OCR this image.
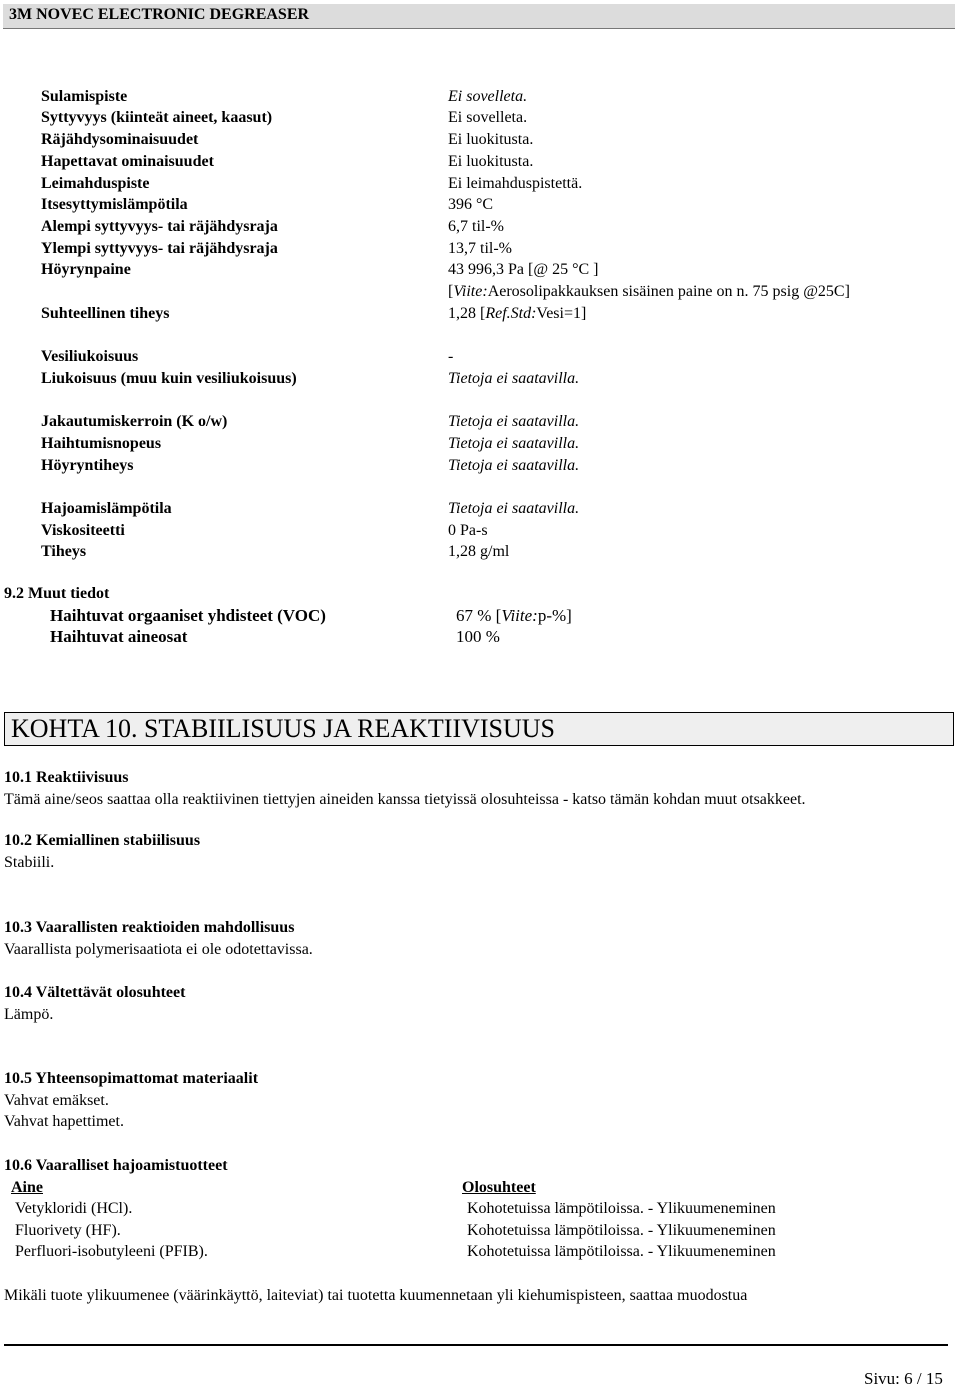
3M NOVEC ELECTRONIC DEGREASER
Sulamispiste	Ei sovelleta.
Syttyvyys (kiinteät aineet, kaasut)	Ei sovelleta.
Räjähdysominaisuudet	Ei luokitusta.
Hapettavat ominaisuudet	Ei luokitusta.
Leimahduspiste	Ei leimahduspistettä.
Itsesyttymislämpötila	396 °C
Alempi syttyvyys- tai räjähdysraja	6,7 til-%
Ylempi syttyvyys- tai räjähdysraja	13,7 til-%
Höyrynpaine	43 996,3 Pa [@ 25 °C ]
[Viite:Aerosolipakkauksen sisäinen paine on n. 75 psig @25C]
Suhteellinen tiheys	1,28 [Ref.Std:Vesi=1]
Vesiliukoisuus	-
Liukoisuus (muu kuin vesiliukoisuus)	Tietoja ei saatavilla.
Jakautumiskerroin (K o/w)	Tietoja ei saatavilla.
Haihtumisnopeus	Tietoja ei saatavilla.
Höyryntiheys	Tietoja ei saatavilla.
Hajoamislämpötila	Tietoja ei saatavilla.
Viskositeetti	0 Pa-s
Tiheys	1,28 g/ml
9.2 Muut tiedot
Haihtuvat orgaaniset yhdisteet (VOC)	67 % [Viite:p-%]
Haihtuvat aineosat	100 %
KOHTA 10. STABIILISUUS JA REAKTIIVISUUS
10.1 Reaktiivisuus
Tämä aine/seos saattaa olla reaktiivinen tiettyjen aineiden kanssa tietyissä olosuhteissa - katso tämän kohdan muut otsakkeet.
10.2 Kemiallinen stabiilisuus
Stabiili.
10.3 Vaarallisten reaktioiden mahdollisuus
Vaarallista polymerisaatiota ei ole odotettavissa.
10.4 Vältettävät olosuhteet
Lämpö.
10.5 Yhteensopimattomat materiaalit
Vahvat emäkset.
Vahvat hapettimet.
10.6 Vaaralliset hajoamistuotteet
Aine	Olosuhteet
Vetykloridi (HCl).	Kohotetuissa lämpötiloissa. - Ylikuumeneminen
Fluorivety (HF).	Kohotetuissa lämpötiloissa. - Ylikuumeneminen
Perfluori-isobutyleeni (PFIB).	Kohotetuissa lämpötiloissa. - Ylikuumeneminen
Mikäli tuote ylikuumenee (väärinkäyttö, laiteviat) tai tuotetta kuumennetaan yli kiehumispisteen, saattaa muodostua
Sivu: 6 / 15
